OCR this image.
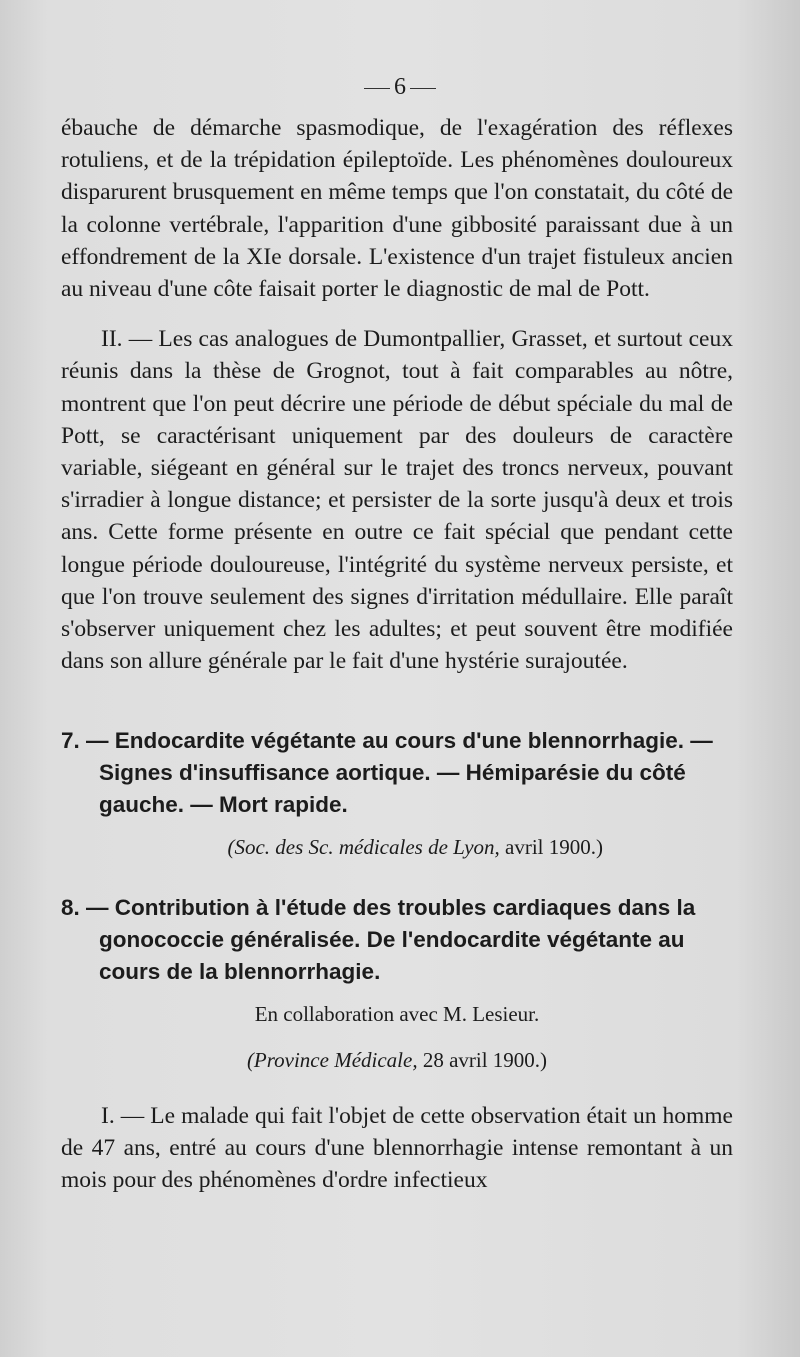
6

ébauche de démarche spasmodique, de l'exagération des réflexes rotuliens, et de la trépidation épileptoïde. Les phénomènes douloureux disparurent brusquement en même temps que l'on constatait, du côté de la colonne vertébrale, l'apparition d'une gibbosité paraissant due à un effondrement de la XIe dorsale. L'existence d'un trajet fistuleux ancien au niveau d'une côte faisait porter le diagnostic de mal de Pott.

II. — Les cas analogues de Dumontpallier, Grasset, et surtout ceux réunis dans la thèse de Grognot, tout à fait comparables au nôtre, montrent que l'on peut décrire une période de début spéciale du mal de Pott, se caractérisant uniquement par des douleurs de caractère variable, siégeant en général sur le trajet des troncs nerveux, pouvant s'irradier à longue distance; et persister de la sorte jusqu'à deux et trois ans. Cette forme présente en outre ce fait spécial que pendant cette longue période douloureuse, l'intégrité du système nerveux persiste, et que l'on trouve seulement des signes d'irritation médullaire. Elle paraît s'observer uniquement chez les adultes; et peut souvent être modifiée dans son allure générale par le fait d'une hystérie surajoutée.

7. — Endocardite végétante au cours d'une blennorrhagie. — Signes d'insuffisance aortique. — Hémiparésie du côté gauche. — Mort rapide.

(Soc. des Sc. médicales de Lyon, avril 1900.)

8. — Contribution à l'étude des troubles cardiaques dans la gonococcie généralisée. De l'endocardite végétante au cours de la blennorrhagie.

En collaboration avec M. Lesieur.

(Province Médicale, 28 avril 1900.)

I. — Le malade qui fait l'objet de cette observation était un homme de 47 ans, entré au cours d'une blennorrhagie intense remontant à un mois pour des phénomènes d'ordre infectieux
